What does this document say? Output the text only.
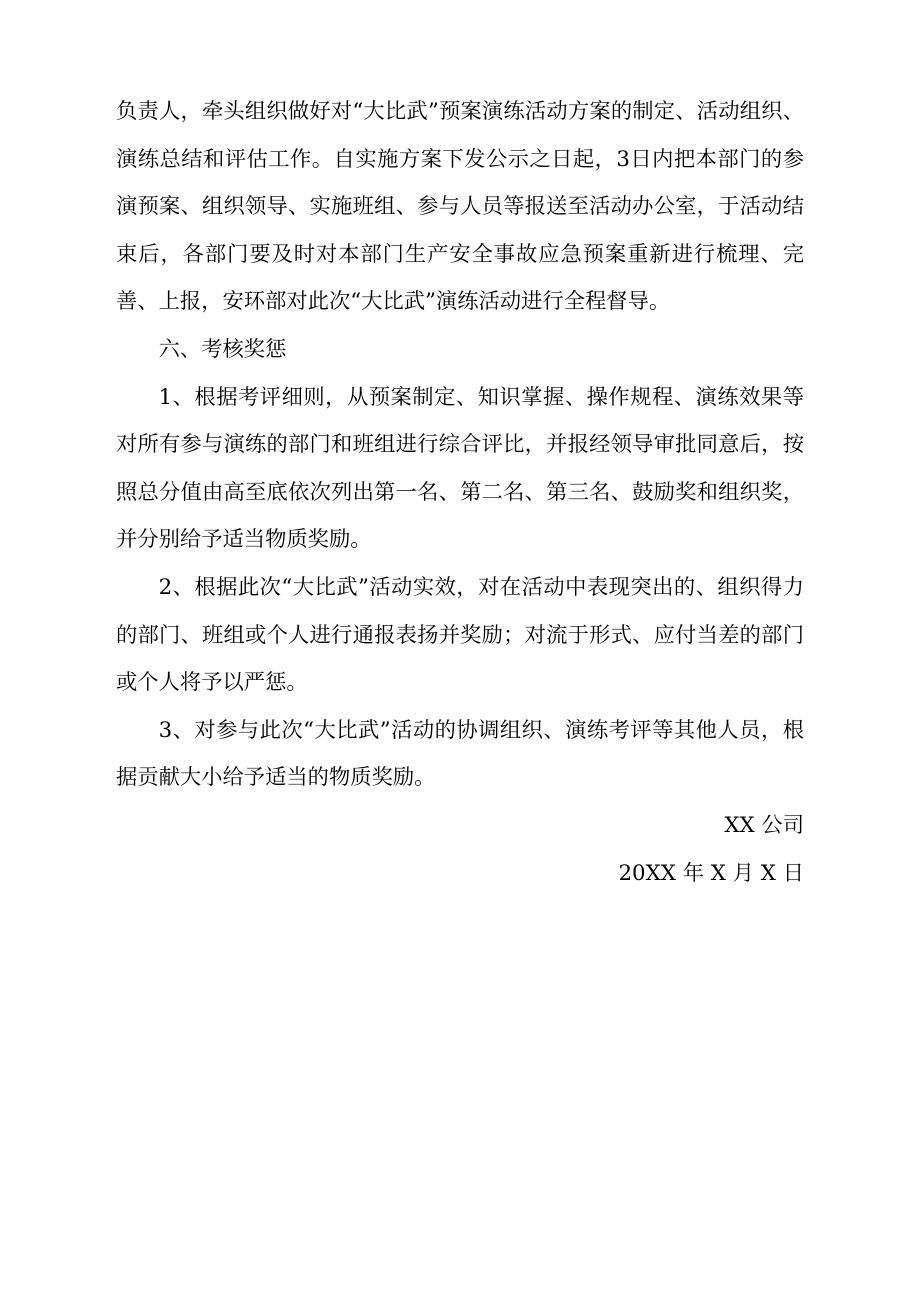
负责人，牵头组织做好对“大比武”预案演练活动方案的制定、活动组织、演练总结和评估工作。自实施方案下发公示之日起，3日内把本部门的参演预案、组织领导、实施班组、参与人员等报送至活动办公室，于活动结束后，各部门要及时对本部门生产安全事故应急预案重新进行梳理、完善、上报，安环部对此次“大比武”演练活动进行全程督导。

六、考核奖惩

1、根据考评细则，从预案制定、知识掌握、操作规程、演练效果等对所有参与演练的部门和班组进行综合评比，并报经领导审批同意后，按照总分值由高至底依次列出第一名、第二名、第三名、鼓励奖和组织奖，并分别给予适当物质奖励。

2、根据此次“大比武”活动实效，对在活动中表现突出的、组织得力的部门、班组或个人进行通报表扬并奖励；对流于形式、应付当差的部门或个人将予以严惩。

3、对参与此次“大比武”活动的协调组织、演练考评等其他人员，根据贡献大小给予适当的物质奖励。

XX 公司

20XX 年 X 月 X 日
